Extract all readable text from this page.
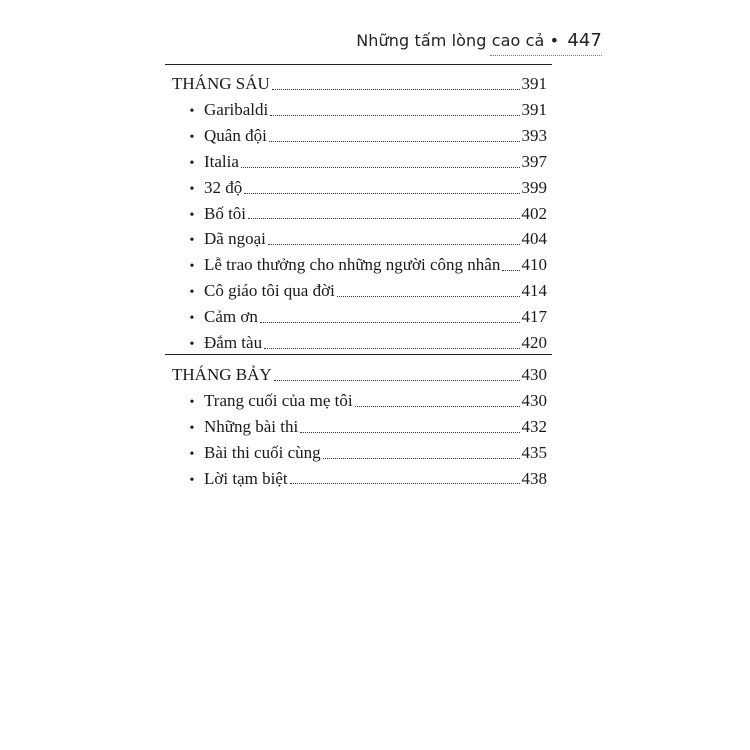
Những tấm lòng cao cả • 447
THÁNG SÁU	391
• Garibaldi	391
• Quân đội	393
• Italia	397
• 32 độ	399
• Bố tôi	402
• Dã ngoại	404
• Lễ trao thưởng cho những người công nhân 410
• Cô giáo tôi qua đời	414
• Cảm ơn	417
• Đắm tàu	420
THÁNG BẢY	430
• Trang cuối của mẹ tôi	430
• Những bài thi	432
• Bài thi cuối cùng	435
• Lời tạm biệt	438
